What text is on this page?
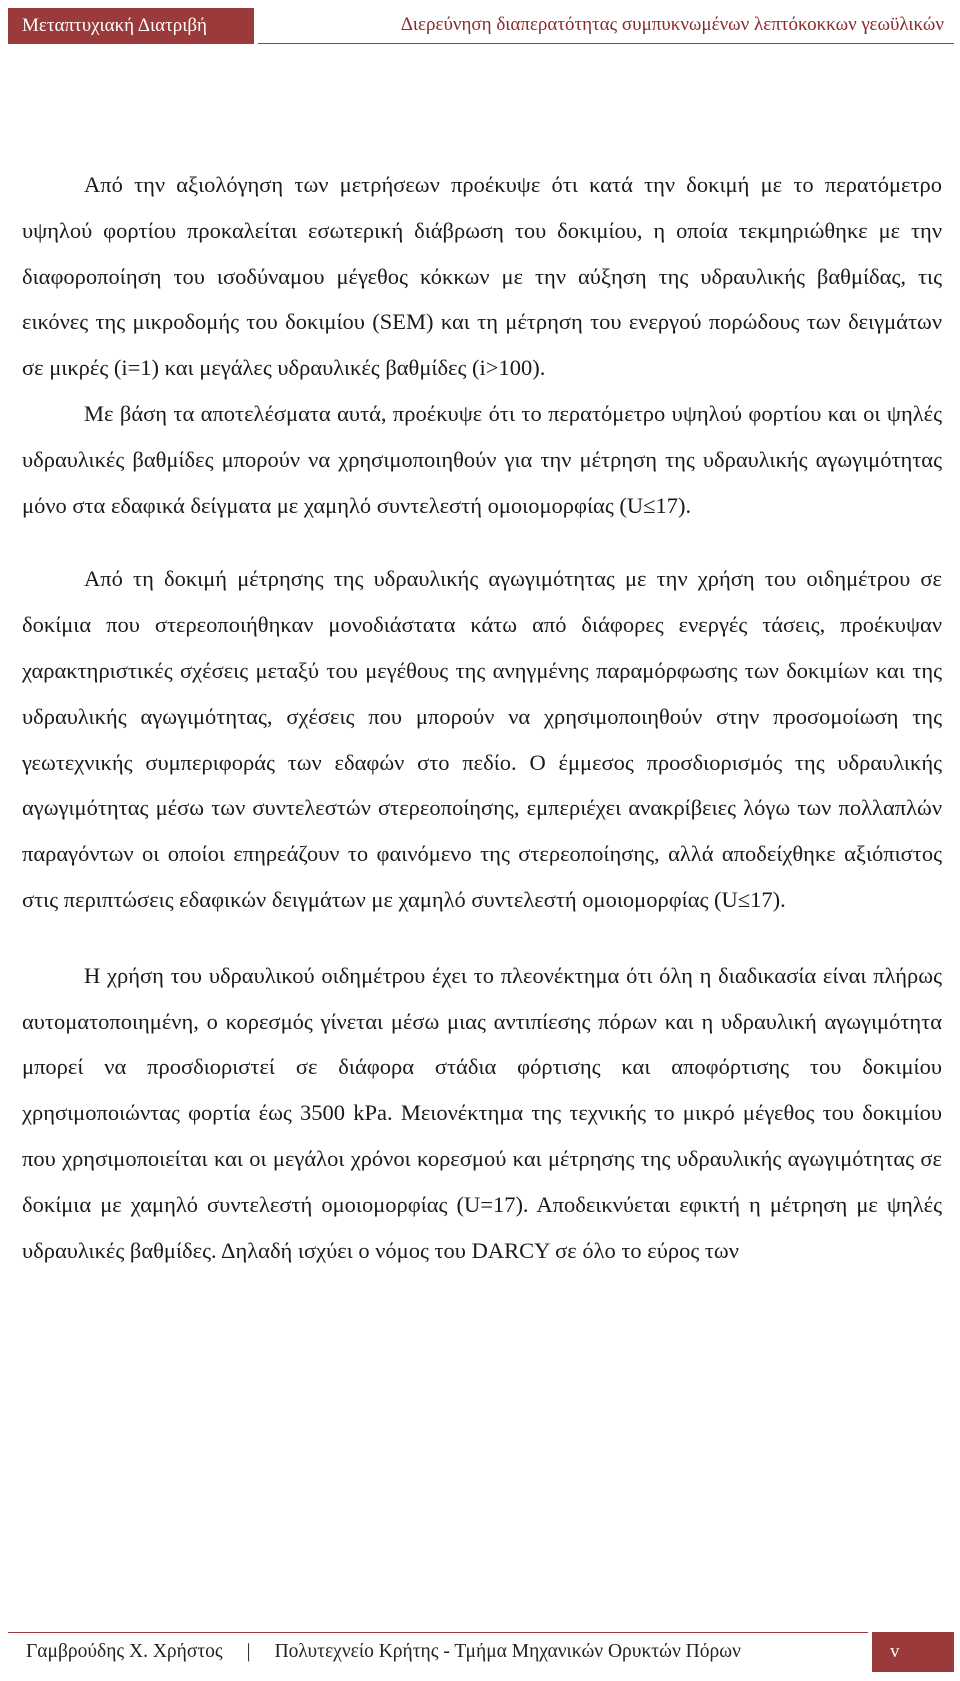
Μεταπτυχιακή Διατριβή	Διερεύνηση διαπερατότητας συμπυκνωμένων λεπτόκοκκων γεωϋλικών

Από την αξιολόγηση των μετρήσεων προέκυψε ότι κατά την δοκιμή με το περατόμετρο υψηλού φορτίου προκαλείται εσωτερική διάβρωση του δοκιμίου, η οποία τεκμηριώθηκε με την διαφοροποίηση του ισοδύναμου μέγεθος κόκκων με την αύξηση της υδραυλικής βαθμίδας, τις εικόνες της μικροδομής του δοκιμίου (SEM) και τη μέτρηση του ενεργού πορώδους των δειγμάτων σε μικρές (i=1) και μεγάλες υδραυλικές βαθμίδες (i>100).

Με βάση τα αποτελέσματα αυτά, προέκυψε ότι το περατόμετρο υψηλού φορτίου και οι ψηλές υδραυλικές βαθμίδες μπορούν να χρησιμοποιηθούν για την μέτρηση της υδραυλικής αγωγιμότητας μόνο στα εδαφικά δείγματα με χαμηλό συντελεστή ομοιομορφίας (U≤17).

Από τη δοκιμή μέτρησης της υδραυλικής αγωγιμότητας με την χρήση του οιδημέτρου σε δοκίμια που στερεοποιήθηκαν μονοδιάστατα κάτω από διάφορες ενεργές τάσεις, προέκυψαν χαρακτηριστικές σχέσεις μεταξύ του μεγέθους της ανηγμένης παραμόρφωσης των δοκιμίων και της υδραυλικής αγωγιμότητας, σχέσεις που μπορούν να χρησιμοποιηθούν στην προσομοίωση της γεωτεχνικής συμπεριφοράς των εδαφών στο πεδίο. Ο έμμεσος προσδιορισμός της υδραυλικής αγωγιμότητας μέσω των συντελεστών στερεοποίησης, εμπεριέχει ανακρίβειες λόγω των πολλαπλών παραγόντων οι οποίοι επηρεάζουν το φαινόμενο της στερεοποίησης, αλλά αποδείχθηκε αξιόπιστος στις περιπτώσεις εδαφικών δειγμάτων με χαμηλό συντελεστή ομοιομορφίας (U≤17).

Η χρήση του υδραυλικού οιδημέτρου έχει το πλεονέκτημα ότι όλη η διαδικασία είναι πλήρως αυτοματοποιημένη, ο κορεσμός γίνεται μέσω μιας αντιπίεσης πόρων και η υδραυλική αγωγιμότητα μπορεί να προσδιοριστεί σε διάφορα στάδια φόρτισης και αποφόρτισης του δοκιμίου χρησιμοποιώντας φορτία έως 3500 kPa. Μειονέκτημα της τεχνικής το μικρό μέγεθος του δοκιμίου που χρησιμοποιείται και οι μεγάλοι χρόνοι κορεσμού και μέτρησης της υδραυλικής αγωγιμότητας σε δοκίμια με χαμηλό συντελεστή ομοιομορφίας (U=17). Αποδεικνύεται εφικτή η μέτρηση με ψηλές υδραυλικές βαθμίδες. Δηλαδή ισχύει ο νόμος του DARCY σε όλο το εύρος των

Γαμβρούδης Χ. Χρήστος | Πολυτεχνείο Κρήτης - Τμήμα Μηχανικών Ορυκτών Πόρων	v
